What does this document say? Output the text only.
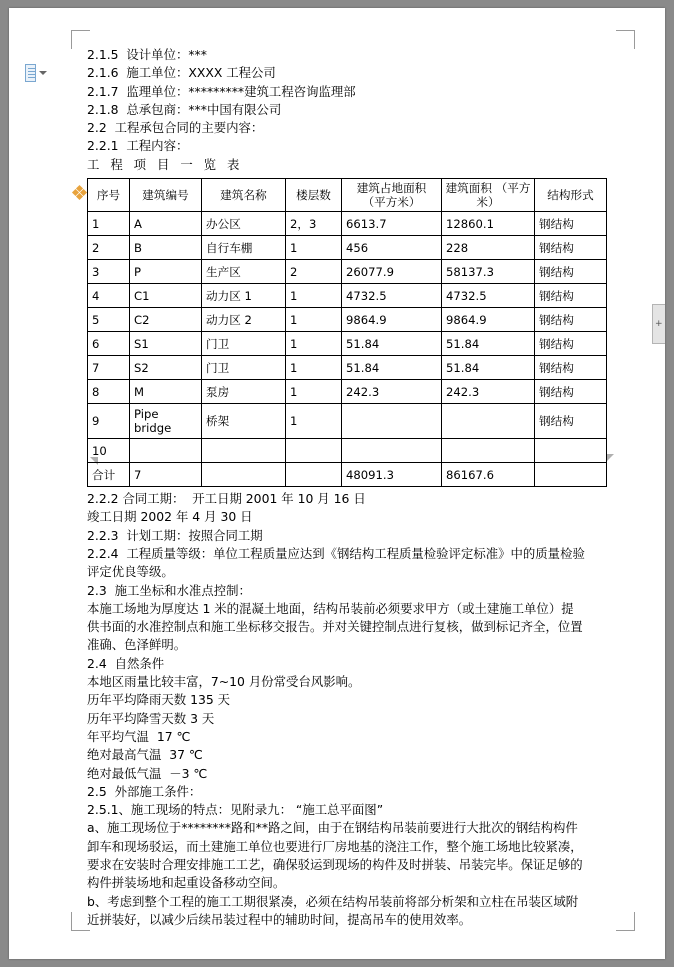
+

2.1.5  设计单位：***

2.1.6  施工单位：XXXX 工程公司

2.1.7  监理单位：*********建筑工程咨询监理部

2.1.8  总承包商：***中国有限公司

2.2  工程承包合同的主要内容：

2.2.1  工程内容：

工 程 项 目 一 览 表

序号	建筑编号	建筑名称	楼层数	建筑占地面积 （平方米）	建筑面积 （平方米）	结构形式
1	A	办公区	2，3	6613.7	12860.1	钢结构
2	B	自行车棚	1	456	228	钢结构
3	P	生产区	2	26077.9	58137.3	钢结构
4	C1	动力区 1	1	4732.5	4732.5	钢结构
5	C2	动力区 2	1	9864.9	9864.9	钢结构
6	S1	门卫	1	51.84	51.84	钢结构
7	S2	门卫	1	51.84	51.84	钢结构
8	M	泵房	1	242.3	242.3	钢结构
9	Pipe bridge	桥架	1			钢结构
10						
合计	7			48091.3	86167.6	

2.2.2 合同工期：  开工日期 2001 年 10 月 16 日

竣工日期 2002 年 4 月 30 日

2.2.3  计划工期：按照合同工期

2.2.4  工程质量等级：单位工程质量应达到《钢结构工程质量检验评定标准》中的质量检验

评定优良等级。

2.3  施工坐标和水准点控制：

本施工场地为厚度达 1 米的混凝土地面，结构吊装前必须要求甲方（或土建施工单位）提

供书面的水准控制点和施工坐标移交报告。并对关键控制点进行复核，做到标记齐全，位置

准确、色泽鲜明。

2.4  自然条件

本地区雨量比较丰富，7~10 月份常受台风影响。

历年平均降雨天数 135 天

历年平均降雪天数 3 天

年平均气温  17 ℃

绝对最高气温  37 ℃

绝对最低气温  －3 ℃

2.5  外部施工条件：

2.5.1、施工现场的特点：见附录九： “施工总平面图”

a、施工现场位于********路和**路之间，由于在钢结构吊装前要进行大批次的钢结构构件

卸车和现场驳运，而土建施工单位也要进行厂房地基的浇注工作，整个施工场地比较紧凑，

要求在安装时合理安排施工工艺，确保驳运到现场的构件及时拼装、吊装完毕。保证足够的

构件拼装场地和起重设备移动空间。

b、考虑到整个工程的施工工期很紧凑，必须在结构吊装前将部分析架和立柱在吊装区域附

近拼装好，以减少后续吊装过程中的辅助时间，提高吊车的使用效率。
